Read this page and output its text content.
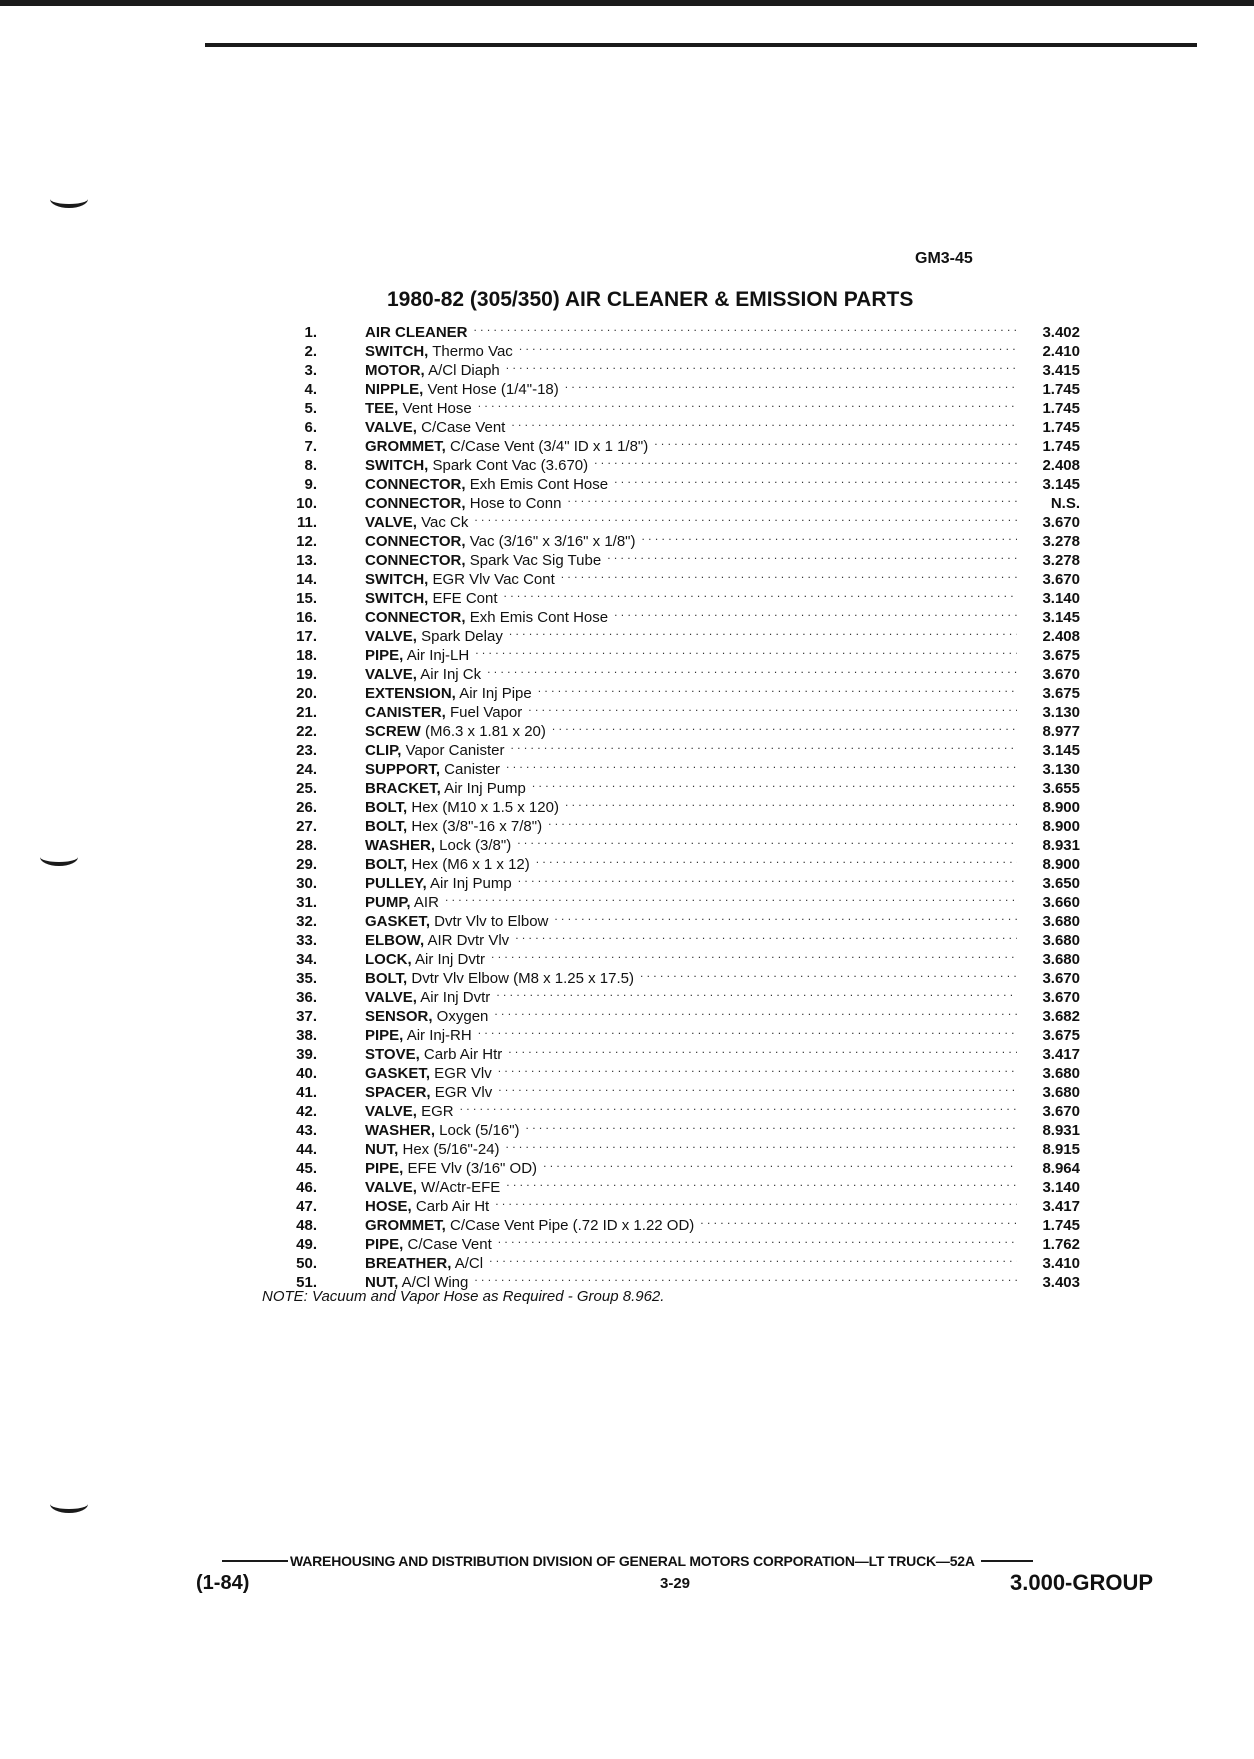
GM3-45
1980-82 (305/350) AIR CLEANER & EMISSION PARTS
1.	AIR CLEANER . . .	3.402
2.	SWITCH, Thermo Vac . . .	2.410
3.	MOTOR, A/Cl Diaph . . .	3.415
4.	NIPPLE, Vent Hose (1/4"-18) . . .	1.745
5.	TEE, Vent Hose . . .	1.745
6.	VALVE, C/Case Vent . . .	1.745
7.	GROMMET, C/Case Vent (3/4" ID x 1 1/8") . . .	1.745
8.	SWITCH, Spark Cont Vac (3.670) . . .	2.408
9.	CONNECTOR, Exh Emis Cont Hose . . .	3.145
10.	CONNECTOR, Hose to Conn . . .	N.S.
11.	VALVE, Vac Ck . . .	3.670
12.	CONNECTOR, Vac (3/16" x 3/16" x 1/8") . . .	3.278
13.	CONNECTOR, Spark Vac Sig Tube . . .	3.278
14.	SWITCH, EGR Vlv Vac Cont . . .	3.670
15.	SWITCH, EFE Cont . . .	3.140
16.	CONNECTOR, Exh Emis Cont Hose . . .	3.145
17.	VALVE, Spark Delay . . .	2.408
18.	PIPE, Air Inj-LH . . .	3.675
19.	VALVE, Air Inj Ck . . .	3.670
20.	EXTENSION, Air Inj Pipe . . .	3.675
21.	CANISTER, Fuel Vapor . . .	3.130
22.	SCREW (M6.3 x 1.81 x 20) . . .	8.977
23.	CLIP, Vapor Canister . . .	3.145
24.	SUPPORT, Canister . . .	3.130
25.	BRACKET, Air Inj Pump . . .	3.655
26.	BOLT, Hex (M10 x 1.5 x 120) . . .	8.900
27.	BOLT, Hex (3/8"-16 x 7/8") . . .	8.900
28.	WASHER, Lock (3/8") . . .	8.931
29.	BOLT, Hex (M6 x 1 x 12) . . .	8.900
30.	PULLEY, Air Inj Pump . . .	3.650
31.	PUMP, AIR . . .	3.660
32.	GASKET, Dvtr Vlv to Elbow . . .	3.680
33.	ELBOW, AIR Dvtr Vlv . . .	3.680
34.	LOCK, Air Inj Dvtr . . .	3.680
35.	BOLT, Dvtr Vlv Elbow (M8 x 1.25 x 17.5) . . .	3.670
36.	VALVE, Air Inj Dvtr . . .	3.670
37.	SENSOR, Oxygen . . .	3.682
38.	PIPE, Air Inj-RH . . .	3.675
39.	STOVE, Carb Air Htr . . .	3.417
40.	GASKET, EGR Vlv . . .	3.680
41.	SPACER, EGR Vlv . . .	3.680
42.	VALVE, EGR . . .	3.670
43.	WASHER, Lock (5/16") . . .	8.931
44.	NUT, Hex (5/16"-24) . . .	8.915
45.	PIPE, EFE Vlv (3/16" OD) . . .	8.964
46.	VALVE, W/Actr-EFE . . .	3.140
47.	HOSE, Carb Air Ht . . .	3.417
48.	GROMMET, C/Case Vent Pipe (.72 ID x 1.22 OD) . . .	1.745
49.	PIPE, C/Case Vent . . .	1.762
50.	BREATHER, A/Cl . . .	3.410
51.	NUT, A/Cl Wing . . .	3.403
NOTE: Vacuum and Vapor Hose as Required - Group 8.962.
WAREHOUSING AND DISTRIBUTION DIVISION OF GENERAL MOTORS CORPORATION—LT TRUCK—52A
(1-84)	3-29	3.000-GROUP
